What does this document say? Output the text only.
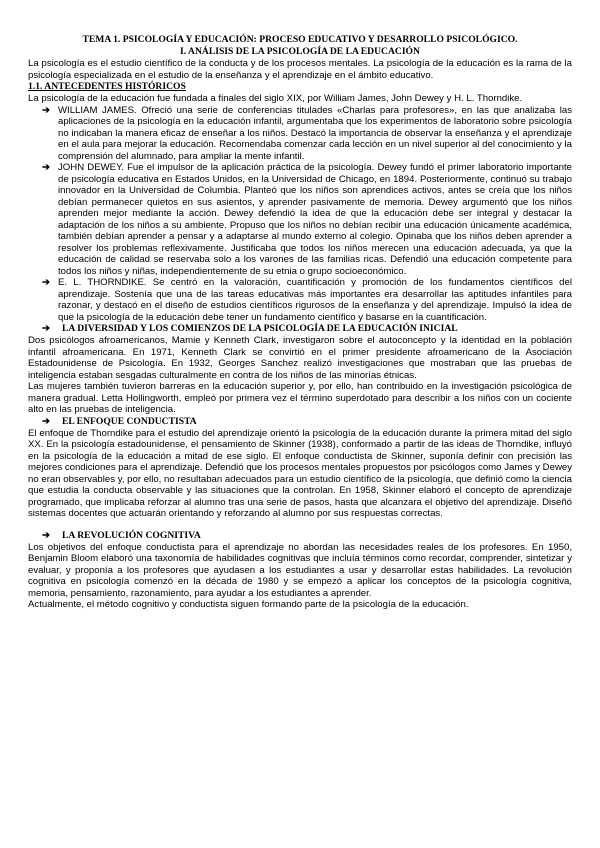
TEMA 1. PSICOLOGÍA Y EDUCACIÓN: PROCESO EDUCATIVO Y DESARROLLO PSICOLÓGICO.
I. ANÁLISIS DE LA PSICOLOGÍA DE LA EDUCACIÓN

La psicología es el estudio científico de la conducta y de los procesos mentales. La psicología de la educación es la rama de la psicología especializada en el estudio de la enseñanza y el aprendizaje en el ámbito educativo.

1.1. ANTECEDENTES HISTÓRICOS

La psicología de la educación fue fundada a finales del siglo XIX, por William James, John Dewey y H. L. Thorndike.

➔ WILLIAM JAMES. Ofreció una serie de conferencias titulades «Charlas para profesores», en las que analizaba las aplicaciones de la psicología en la educación infantil, argumentaba que los experimentos de laboratorio sobre psicología no indicaban la manera eficaz de enseñar a los niños. Destacó la importancia de observar la enseñanza y el aprendizaje en el aula para mejorar la educación. Recomendaba comenzar cada lección en un nivel superior al del conocimiento y la comprensión del alumnado, para ampliar la mente infantil.
➔ JOHN DEWEY. Fue el impulsor de la aplicación práctica de la psicología. Dewey fundó el primer laboratorio importante de psicología educativa en Estados Unidos, en la Universidad de Chicago, en 1894. Posteriormente, continuó su trabajo innovador en la Universidad de Columbia. Planteó que los niños son aprendices activos, antes se creía que los niños debían permanecer quietos en sus asientos, y aprender pasivamente de memoria. Dewey argumentó que los niños aprenden mejor mediante la acción. Dewey defendió la idea de que la educación debe ser integral y destacar la adaptación de los niños a su ambiente. Propuso que los niños no debían recibir una educación únicamente académica, también debían aprender a pensar y a adaptarse al mundo externo al colegio. Opinaba que los niños deben aprender a resolver los problemas reflexivamente. Justificaba que todos los niños merecen una educación adecuada, ya que la educación de calidad se reservaba solo a los varones de las familias ricas. Defendió una educación competente para todos los niños y niñas, independientemente de su etnia o grupo socioeconómico.
➔ E. L. THORNDIKE. Se centró en la valoración, cuantificación y promoción de los fundamentos científicos del aprendizaje. Sostenía que una de las tareas educativas más importantes era desarrollar las aptitudes infantiles para razonar, y destacó en el diseño de estudios científicos rigurosos de la enseñanza y del aprendizaje. Impulsó la idea de que la psicología de la educación debe tener un fundamento científico y basarse en la cuantificación.
➔ LA DIVERSIDAD Y LOS COMIENZOS DE LA PSICOLOGÍA DE LA EDUCACIÓN INICIAL

Dos psicólogos afroamericanos, Mamie y Kenneth Clark, investigaron sobre el autoconcepto y la identidad en la población infantil afroamericana. En 1971, Kenneth Clark se convirtió en el primer presidente afroamericano de la Asociación Estadounidense de Psicología. En 1932, Georges Sanchez realizó investigaciones que mostraban que las pruebas de inteligencia estaban sesgadas culturalmente en contra de los niños de las minorías étnicas.

Las mujeres también tuvieron barreras en la educación superior y, por ello, han contribuido en la investigación psicológica de manera gradual. Letta Hollingworth, empleó por primera vez el término superdotado para describir a los niños con un cociente alto en las pruebas de inteligencia.

➔ EL ENFOQUE CONDUCTISTA

El enfoque de Thorndike para el estudio del aprendizaje orientó la psicología de la educación durante la primera mitad del siglo XX. En la psicología estadounidense, el pensamiento de Skinner (1938), conformado a partir de las ideas de Thorndike, influyó en la psicología de la educación a mitad de ese siglo. El enfoque conductista de Skinner, suponía definir con precisión las mejores condiciones para el aprendizaje. Defendió que los procesos mentales propuestos por psicólogos como James y Dewey no eran observables y, por ello, no resultaban adecuados para un estudio científico de la psicología, que definió como la ciencia que estudia la conducta observable y las situaciones que la controlan. En 1958, Skinner elaboró el concepto de aprendizaje programado, que implicaba reforzar al alumno tras una serie de pasos, hasta que alcanzara el objetivo del aprendizaje. Diseñó sistemas docentes que actuarán orientando y reforzando al alumno por sus respuestas correctas.

➔ LA REVOLUCIÓN COGNITIVA

Los objetivos del enfoque conductista para el aprendizaje no abordan las necesidades reales de los profesores. En 1950, Benjamin Bloom elaboró una taxonomía de habilidades cognitivas que incluía términos como recordar, comprender, sintetizar y evaluar, y proponía a los profesores que ayudasen a los estudiantes a usar y desarrollar estas habilidades. La revolución cognitiva en psicología comenzó en la década de 1980 y se empezó a aplicar los conceptos de la psicología cognitiva, memoria, pensamiento, razonamiento, para ayudar a los estudiantes a aprender.

Actualmente, el método cognitivo y conductista siguen formando parte de la psicología de la educación.
